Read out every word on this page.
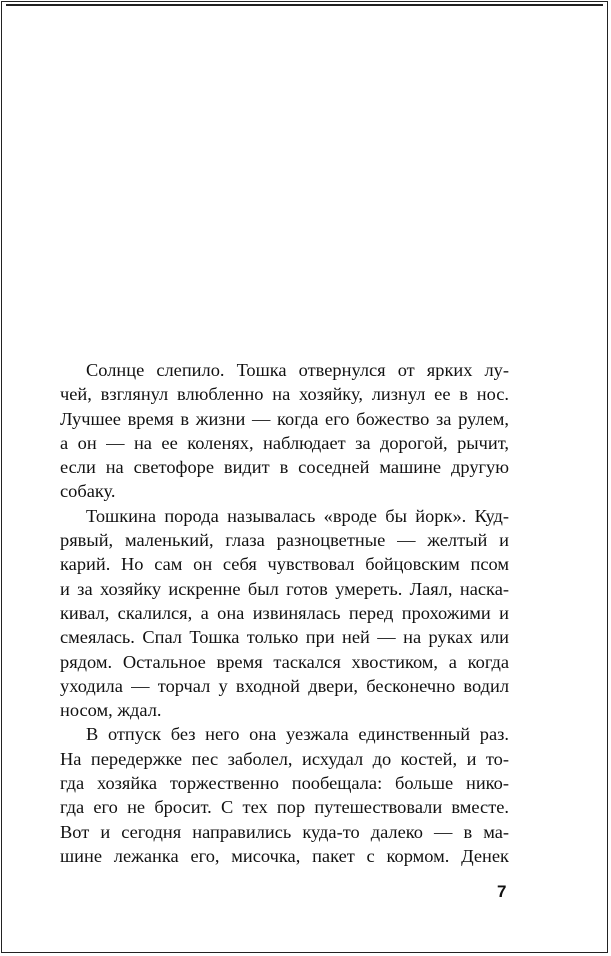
Солнце слепило. Тошка отвернулся от ярких лу-
чей, взглянул влюбленно на хозяйку, лизнул ее в нос.
Лучшее время в жизни — когда его божество за рулем,
а он — на ее коленях, наблюдает за дорогой, рычит,
если на светофоре видит в соседней машине другую
собаку.
Тошкина порода называлась «вроде бы йорк». Куд-
рявый, маленький, глаза разноцветные — желтый и
карий. Но сам он себя чувствовал бойцовским псом
и за хозяйку искренне был готов умереть. Лаял, наска-
кивал, скалился, а она извинялась перед прохожими и
смеялась. Спал Тошка только при ней — на руках или
рядом. Остальное время таскался хвостиком, а когда
уходила — торчал у входной двери, бесконечно водил
носом, ждал.
В отпуск без него она уезжала единственный раз.
На передержке пес заболел, исхудал до костей, и то-
гда хозяйка торжественно пообещала: больше нико-
гда его не бросит. С тех пор путешествовали вместе.
Вот и сегодня направились куда-то далеко — в ма-
шине лежанка его, мисочка, пакет с кормом. Денек
7
